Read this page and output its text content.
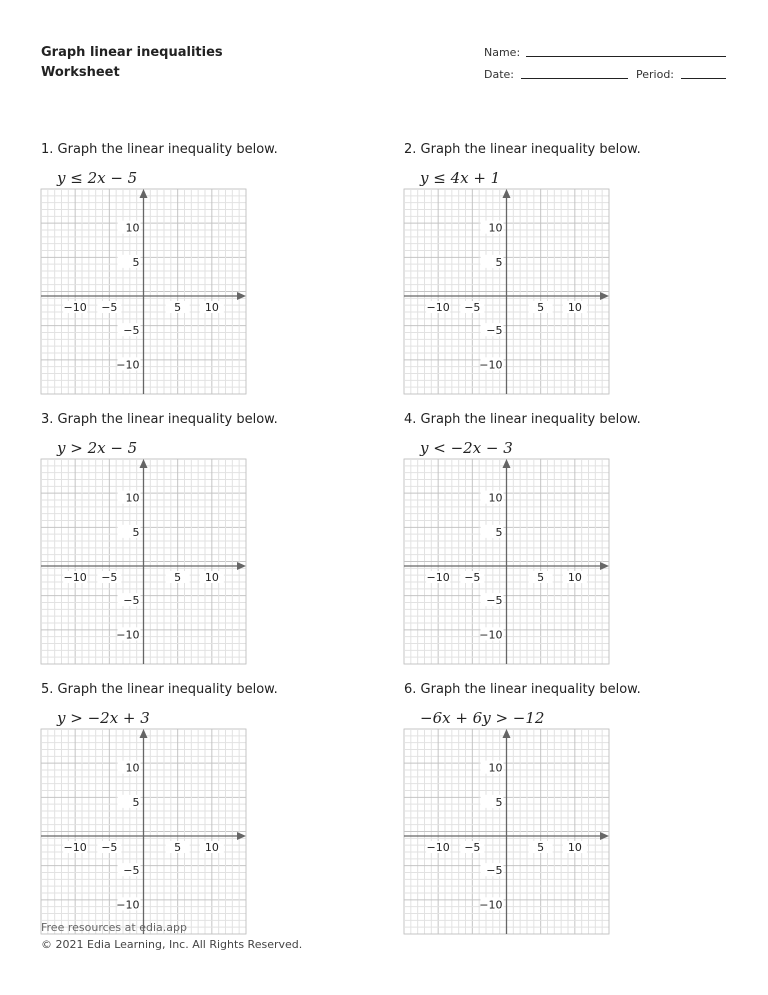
Graph linear inequalities
Worksheet
Name:
Date:	Period:
1. Graph the linear inequality below.
y ≤ 2x − 5
−10 −5	5 10
10
5
−5
−10
2. Graph the linear inequality below.
y ≤ 4x + 1
−10 −5	5 10
10
5
−5
−10
3. Graph the linear inequality below.
y > 2x − 5
−10 −5	5 10
10
5
−5
−10
4. Graph the linear inequality below.
y < −2x − 3
−10 −5	5 10
10
5
−5
−10
5. Graph the linear inequality below.
y > −2x + 3
−10 −5	5 10
10
5
−5
−10
6. Graph the linear inequality below.
−6x + 6y > −12
−10 −5	5 10
10
5
−5
−10
Free resources at edia.app
© 2021 Edia Learning, Inc. All Rights Reserved.
